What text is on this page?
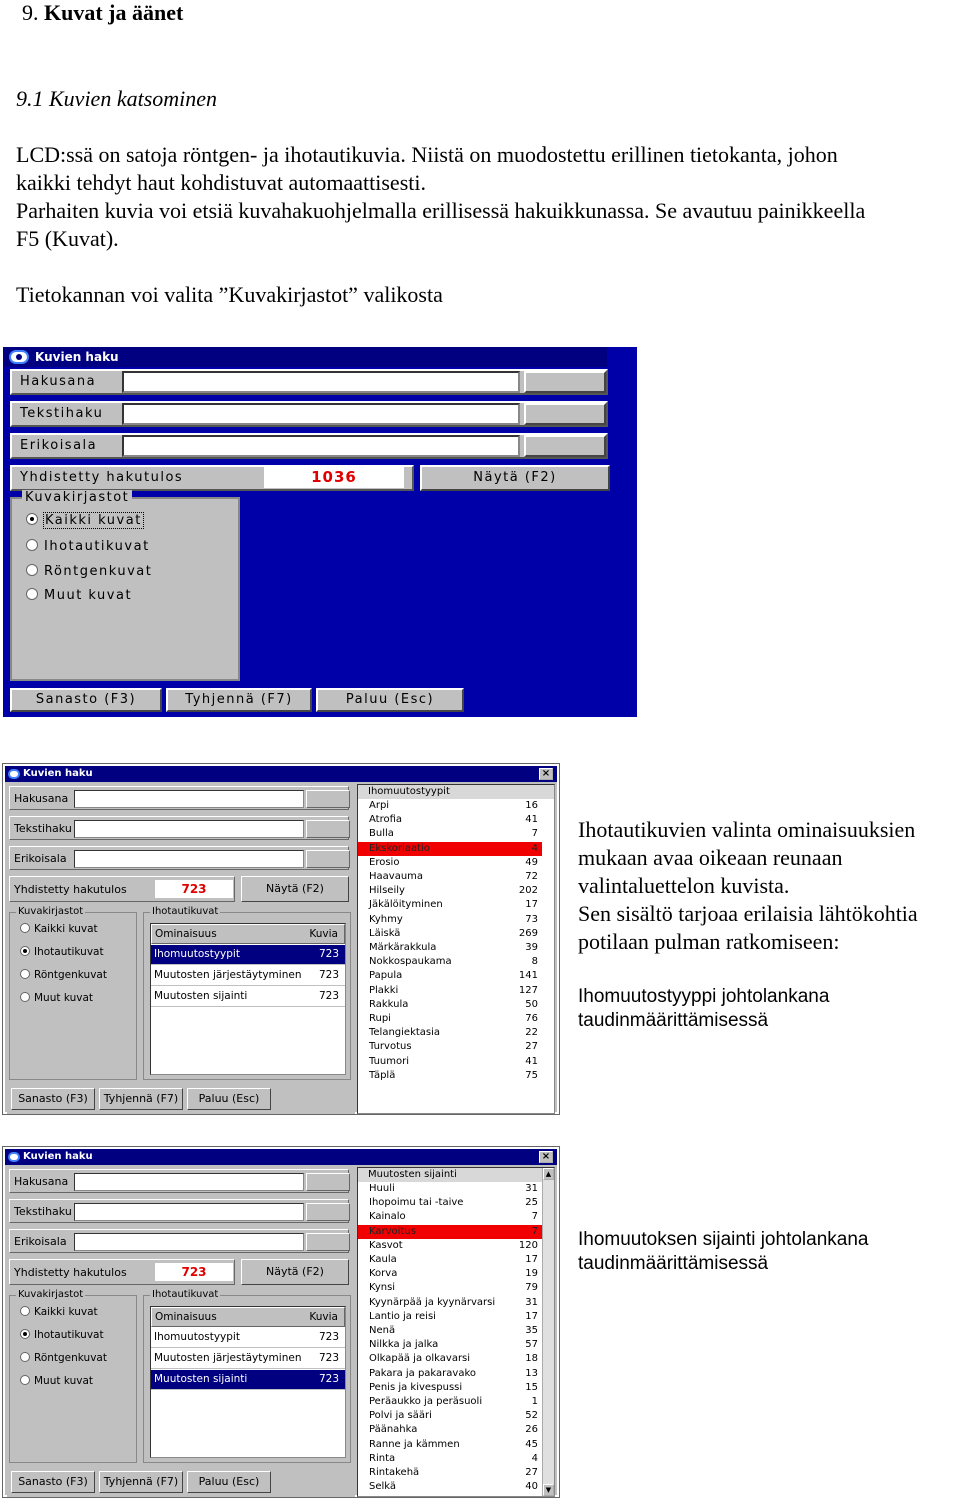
9. Kuvat ja äänet
9.1 Kuvien katsominen

LCD:ssä on satoja röntgen- ja ihotautikuvia. Niistä on muodostettu erillinen tietokanta, johon

kaikki tehdyt haut kohdistuvat automaattisesti.

Parhaiten kuvia voi etsiä kuvahakuohjelmalla erillisessä hakuikkunassa. Se avautuu painikkeella

F5 (Kuvat).

Tietokannan voi valita ”Kuvakirjastot” valikosta

Kuvien haku
Hakusana
Tekstihaku
Erikoisala
Yhdistetty hakutulos	1036	Näytä (F2)
Kuvakirjastot
Kaikki kuvat
Ihotautikuvat
Röntgenkuvat
Muut kuvat
Sanasto (F3)	Tyhjennä (F7)	Paluu (Esc)
Kuvien haku	×
Hakusana
Tekstihaku
Erikoisala
Yhdistetty hakutulos	723	Näytä (F2)
Kuvakirjastot
Kaikki kuvat
Ihotautikuvat
Röntgenkuvat
Muut kuvat
Ihotautikuvat
Ominaisuus	Kuvia
Ihomuutostyypit	723
Muutosten järjestäytyminen 723
Muutosten sijainti	723
Sanasto (F3)	Tyhjennä (F7)	Paluu (Esc)
Ihomuutostyypit
Arpi	16
Atrofia	41
Bulla	7
Ekskoriaatio	4
Erosio	49
Haavauma	72
Hilseily	202
Jäkälöityminen	17
Kyhmy	73
Läiskä	269
Märkärakkula	39
Nokkospaukama	8
Papula	141
Plakki	127
Rakkula	50
Rupi	76
Telangiektasia	22
Turvotus	27
Tuumori	41
Täplä	75
Ihotautikuvien valinta ominaisuuksien
mukaan avaa oikeaan reunaan
valintaluettelon kuvista.
Sen sisältö tarjoaa erilaisia lähtökohtia
potilaan pulman ratkomiseen:
Ihomuutostyyppi johtolankana
taudinmäärittämisessä
Kuvien haku	×
Hakusana
Tekstihaku
Erikoisala
Yhdistetty hakutulos	723	Näytä (F2)
Kuvakirjastot
Kaikki kuvat
Ihotautikuvat
Röntgenkuvat
Muut kuvat
Ihotautikuvat
Ominaisuus	Kuvia
Ihomuutostyypit	723
Muutosten järjestäytyminen 723
Muutosten sijainti	723
Sanasto (F3)	Tyhjennä (F7)	Paluu (Esc)
Muutosten sijainti	▲
▼
Huuli	31
Ihopoimu tai -taive	25
Kainalo	7
Karvoitus	7
Kasvot	120
Kaula	17
Korva	19
Kynsi	79
Kyynärpää ja kyynärvarsi	31
Lantio ja reisi	17
Nenä	35
Nilkka ja jalka	57
Olkapää ja olkavarsi	18
Pakara ja pakaravako	13
Penis ja kivespussi	15
Peräaukko ja peräsuoli	1
Polvi ja sääri	52
Päänahka	26
Ranne ja kämmen	45
Rinta	4
Rintakehä	27
Selkä	40
Ihomuutoksen sijainti johtolankana
taudinmäärittämisessä
